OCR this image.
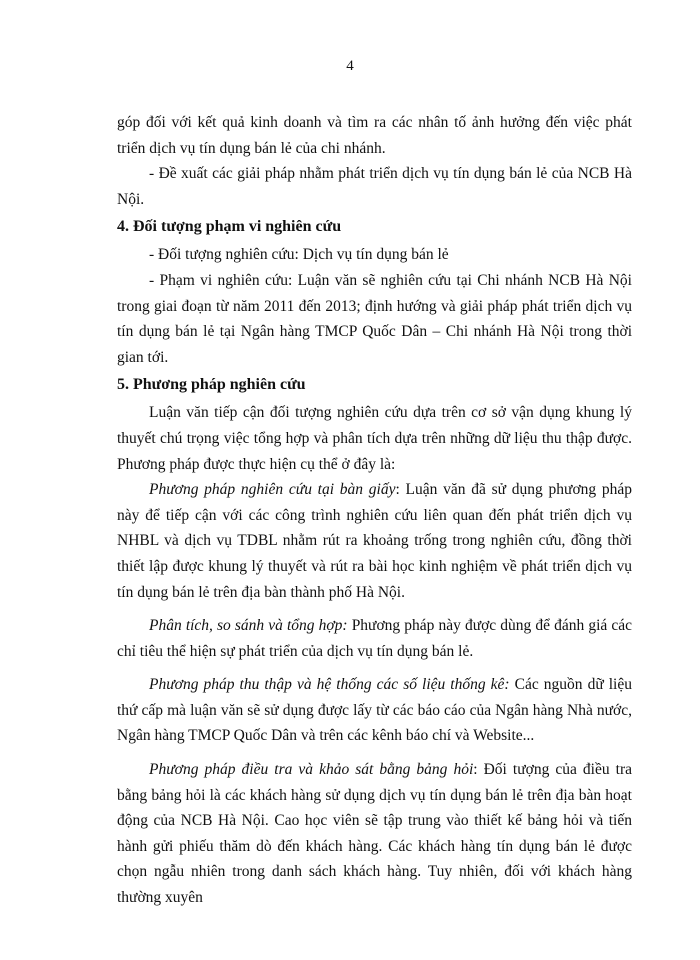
4

góp đối với kết quả kinh doanh và tìm ra các nhân tố ảnh hưởng đến việc phát triển dịch vụ tín dụng bán lẻ của chi nhánh.

- Đề xuất các giải pháp nhằm phát triển dịch vụ tín dụng bán lẻ của NCB Hà Nội.

4. Đối tượng phạm vi nghiên cứu

- Đối tượng nghiên cứu: Dịch vụ tín dụng bán lẻ

- Phạm vi nghiên cứu: Luận văn sẽ nghiên cứu tại Chi nhánh NCB Hà Nội trong giai đoạn từ năm 2011 đến 2013; định hướng và giải pháp phát triển dịch vụ tín dụng bán lẻ tại Ngân hàng TMCP Quốc Dân – Chi nhánh Hà Nội trong thời gian tới.

5. Phương pháp nghiên cứu

Luận văn tiếp cận đối tượng nghiên cứu dựa trên cơ sở vận dụng khung lý thuyết chú trọng việc tổng hợp và phân tích dựa trên những dữ liệu thu thập được. Phương pháp được thực hiện cụ thể ở đây là:

Phương pháp nghiên cứu tại bàn giấy: Luận văn đã sử dụng phương pháp này để tiếp cận với các công trình nghiên cứu liên quan đến phát triển dịch vụ NHBL và dịch vụ TDBL nhằm rút ra khoảng trống trong nghiên cứu, đồng thời thiết lập được khung lý thuyết và rút ra bài học kinh nghiệm về phát triển dịch vụ tín dụng bán lẻ trên địa bàn thành phố Hà Nội.

Phân tích, so sánh và tổng hợp: Phương pháp này được dùng để đánh giá các chỉ tiêu thể hiện sự phát triển của dịch vụ tín dụng bán lẻ.

Phương pháp thu thập và hệ thống các số liệu thống kê: Các nguồn dữ liệu thứ cấp mà luận văn sẽ sử dụng được lấy từ các báo cáo của Ngân hàng Nhà nước, Ngân hàng TMCP Quốc Dân và trên các kênh báo chí và Website...

Phương pháp điều tra và khảo sát bằng bảng hỏi: Đối tượng của điều tra bằng bảng hỏi là các khách hàng sử dụng dịch vụ tín dụng bán lẻ trên địa bàn hoạt động của NCB Hà Nội. Cao học viên sẽ tập trung vào thiết kế bảng hỏi và tiến hành gửi phiếu thăm dò đến khách hàng. Các khách hàng tín dụng bán lẻ được chọn ngẫu nhiên trong danh sách khách hàng. Tuy nhiên, đối với khách hàng thường xuyên
